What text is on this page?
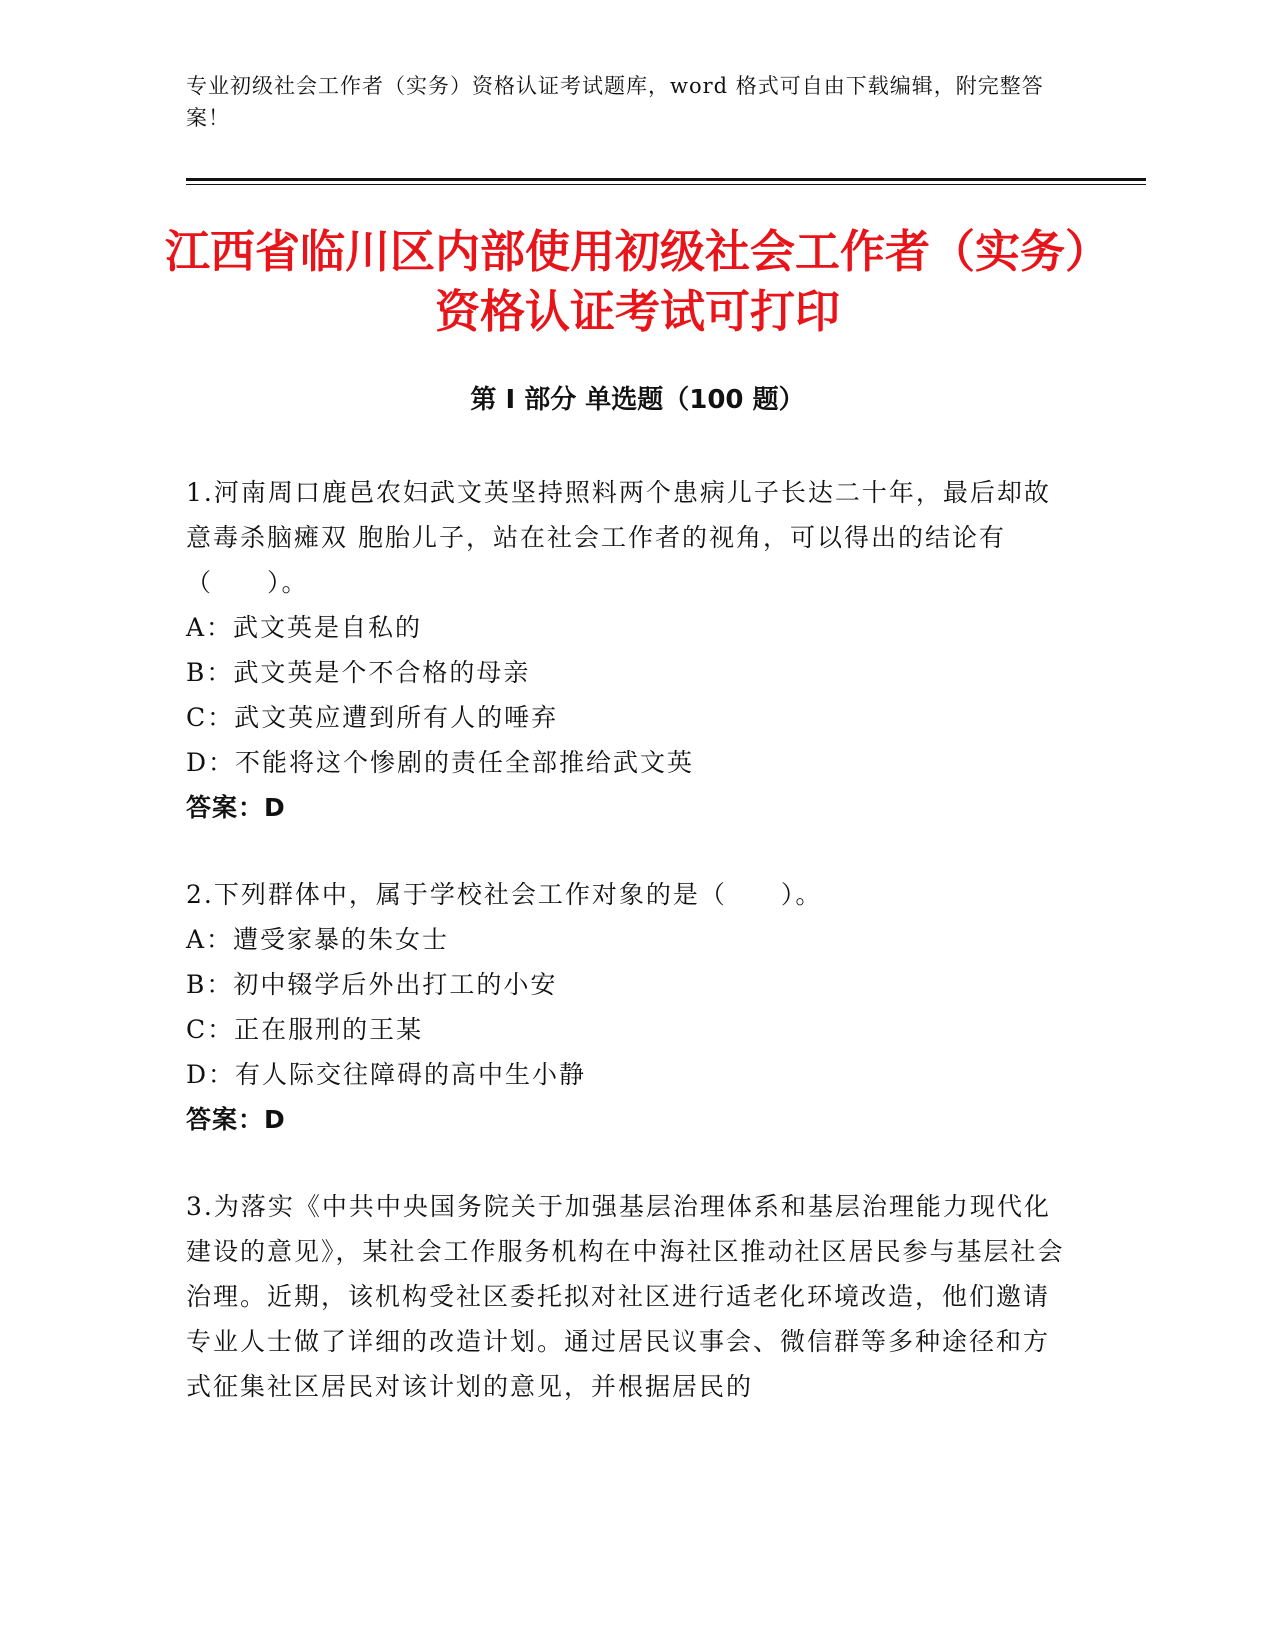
专业初级社会工作者（实务）资格认证考试题库，word 格式可自由下载编辑，附完整答案！
江西省临川区内部使用初级社会工作者（实务）资格认证考试可打印
第 I 部分 单选题（100 题）

1.河南周口鹿邑农妇武文英坚持照料两个患病儿子长达二十年，最后却故意毒杀脑瘫双 胞胎儿子，站在社会工作者的视角，可以得出的结论有（　　）。

A：武文英是自私的

B：武文英是个不合格的母亲

C：武文英应遭到所有人的唾弃

D：不能将这个惨剧的责任全部推给武文英

答案：D

2.下列群体中，属于学校社会工作对象的是（　　）。

A：遭受家暴的朱女士

B：初中辍学后外出打工的小安

C：正在服刑的王某

D：有人际交往障碍的高中生小静

答案：D

3.为落实《中共中央国务院关于加强基层治理体系和基层治理能力现代化建设的意见》，某社会工作服务机构在中海社区推动社区居民参与基层社会治理。近期，该机构受社区委托拟对社区进行适老化环境改造，他们邀请专业人士做了详细的改造计划。通过居民议事会、微信群等多种途径和方式征集社区居民对该计划的意见，并根据居民的
